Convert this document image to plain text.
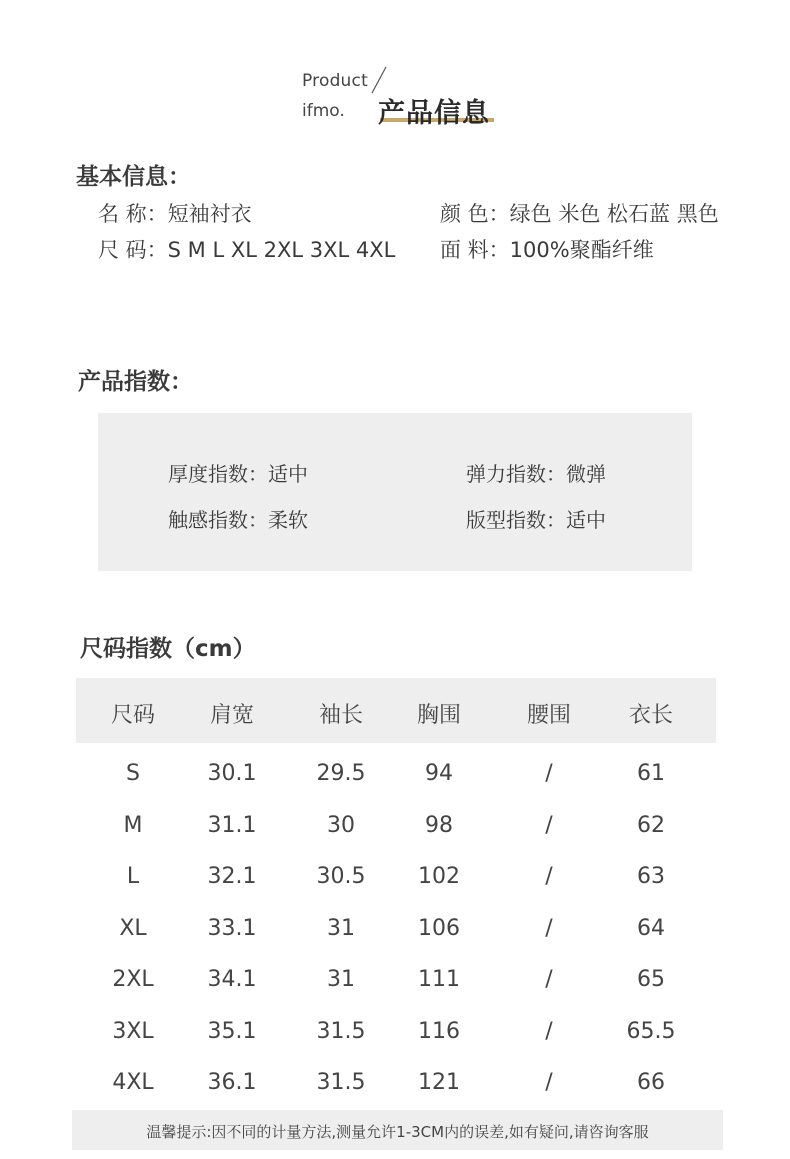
Product
ifmo. 产品信息
基本信息：
名 称：短袖衬衣	颜 色：绿色 米色 松石蓝 黑色
尺 码：S M L XL 2XL 3XL 4XL 面 料：100%聚酯纤维
产品指数：
厚度指数：适中	弹力指数：微弹
触感指数：柔软	版型指数：适中
尺码指数（cm）
尺码	肩宽	袖长	胸围	腰围	衣长
S	30.1	29.5	94	/	61
M	31.1	30	98	/	62
L	32.1	30.5	102	/	63
XL	33.1	31	106	/	64
2XL	34.1	31	111	/	65
3XL	35.1	31.5	116	/	65.5
4XL	36.1	31.5	121	/	66
温馨提示:因不同的计量方法,测量允许1-3CM内的误差,如有疑问,请咨询客服
